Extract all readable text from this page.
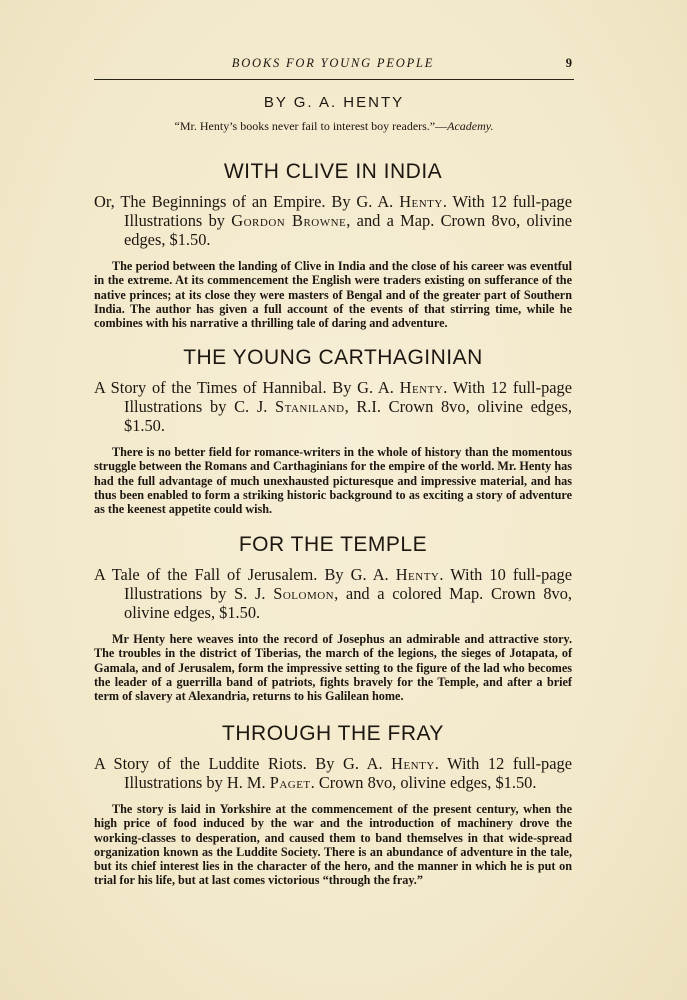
BOOKS FOR YOUNG PEOPLE	9
BY G. A. HENTY
“Mr. Henty’s books never fail to interest boy readers.”—Academy.
WITH CLIVE IN INDIA

Or, The Beginnings of an Empire. By G. A. Henty. With 12 full-page Illustrations by Gordon Browne, and a Map. Crown 8vo, olivine edges, $1.50.

The period between the landing of Clive in India and the close of his career was eventful in the extreme. At its commencement the English were traders existing on sufferance of the native princes; at its close they were masters of Bengal and of the greater part of Southern India. The author has given a full account of the events of that stirring time, while he combines with his narrative a thrilling tale of daring and adventure.

THE YOUNG CARTHAGINIAN

A Story of the Times of Hannibal. By G. A. Henty. With 12 full-page Illustrations by C. J. Staniland, R.I. Crown 8vo, olivine edges, $1.50.

There is no better field for romance-writers in the whole of history than the momentous struggle between the Romans and Carthaginians for the empire of the world. Mr. Henty has had the full advantage of much unexhausted picturesque and impressive material, and has thus been enabled to form a striking historic background to as exciting a story of adventure as the keenest appetite could wish.

FOR THE TEMPLE

A Tale of the Fall of Jerusalem. By G. A. Henty. With 10 full-page Illustrations by S. J. Solomon, and a colored Map. Crown 8vo, olivine edges, $1.50.

Mr Henty here weaves into the record of Josephus an admirable and attractive story. The troubles in the district of Tiberias, the march of the legions, the sieges of Jotapata, of Gamala, and of Jerusalem, form the impressive setting to the figure of the lad who becomes the leader of a guerrilla band of patriots, fights bravely for the Temple, and after a brief term of slavery at Alexandria, returns to his Galilean home.

THROUGH THE FRAY

A Story of the Luddite Riots. By G. A. Henty. With 12 full-page Illustrations by H. M. Paget. Crown 8vo, olivine edges, $1.50.

The story is laid in Yorkshire at the commencement of the present century, when the high price of food induced by the war and the introduction of machinery drove the working-classes to desperation, and caused them to band themselves in that wide-spread organization known as the Luddite Society. There is an abundance of adventure in the tale, but its chief interest lies in the character of the hero, and the manner in which he is put on trial for his life, but at last comes victorious “through the fray.”
